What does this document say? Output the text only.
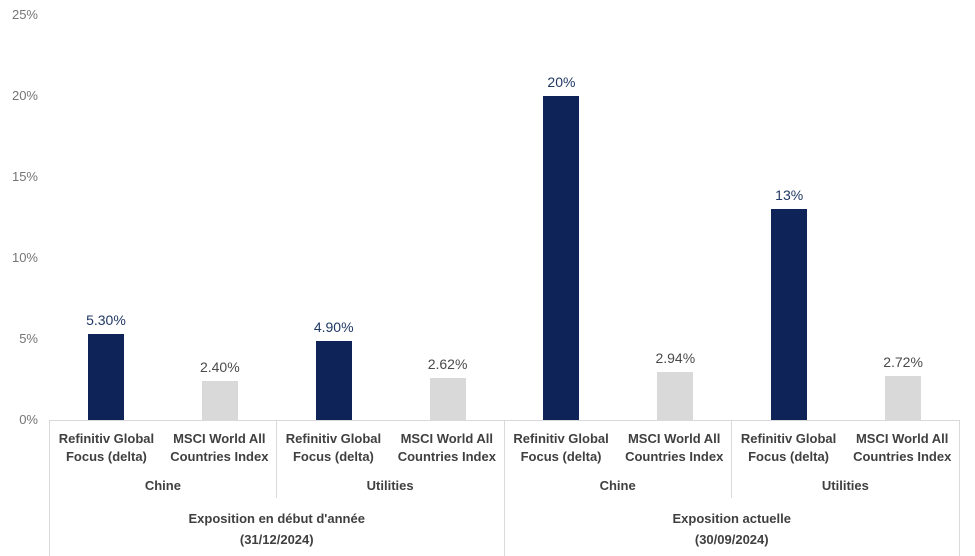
0%
5%
10%
15%
20%
25%
5.30%
2.40%
4.90%
2.62%
20%
2.94%
13%
2.72%
Refinitiv Global Focus (delta)
MSCI World All Countries Index
Chine
Refinitiv Global Focus (delta)
MSCI World All Countries Index
Utilities
Exposition en début d'année
(31/12/2024)
Refinitiv Global Focus (delta)
MSCI World All Countries Index
Chine
Refinitiv Global Focus (delta)
MSCI World All Countries Index
Utilities
Exposition actuelle
(30/09/2024)
